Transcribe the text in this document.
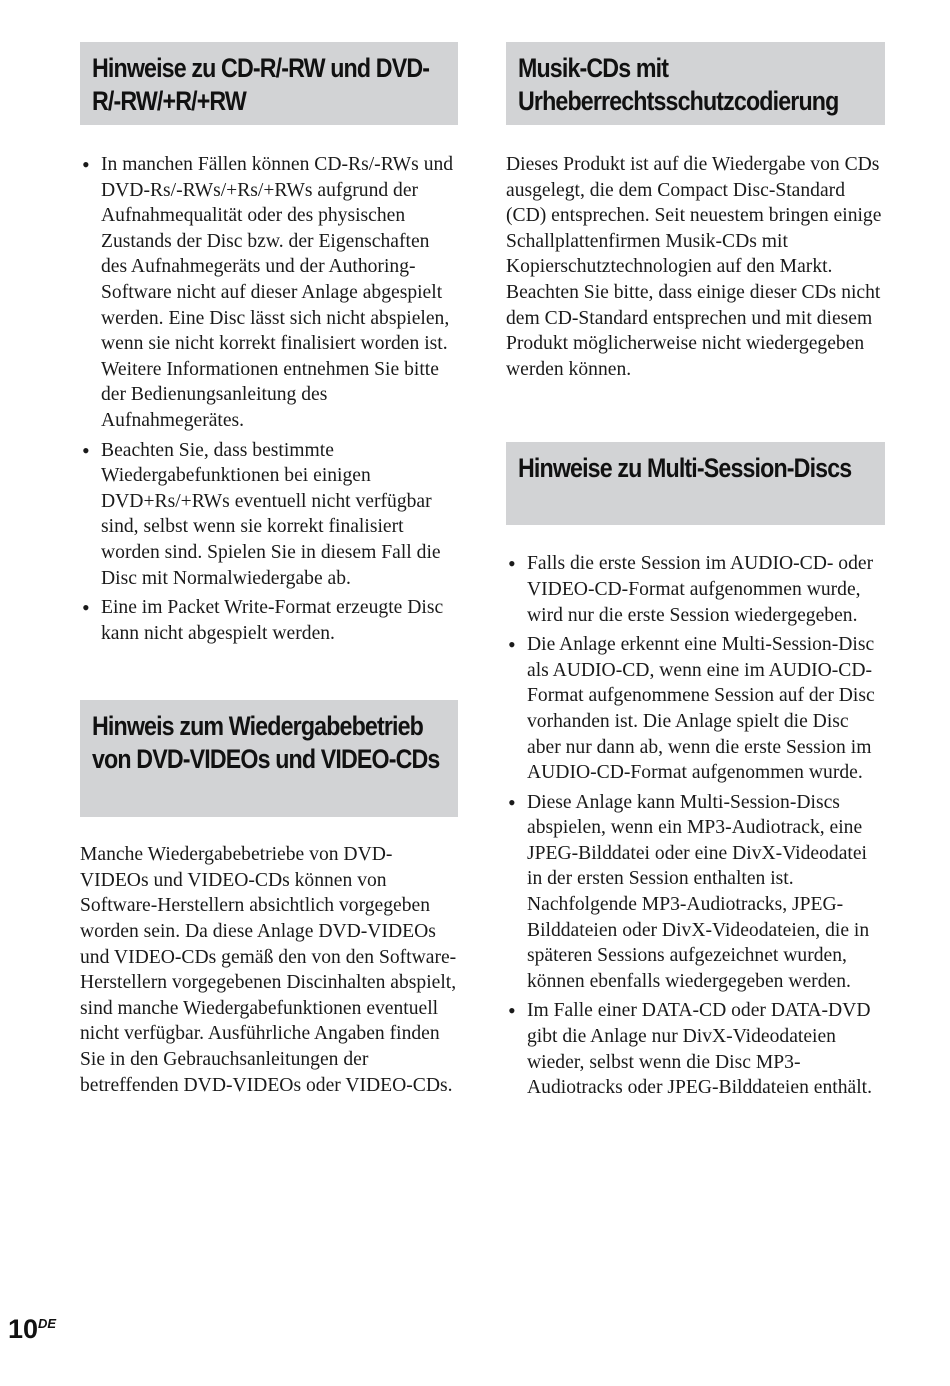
Hinweise zu CD-R/-RW und DVD-R/-RW/+R/+RW
• In manchen Fällen können CD-Rs/-RWs und DVD-Rs/-RWs/+Rs/+RWs aufgrund der Aufnahmequalität oder des physischen Zustands der Disc bzw. der Eigenschaften des Aufnahmegeräts und der Authoring-Software nicht auf dieser Anlage abgespielt werden. Eine Disc lässt sich nicht abspielen, wenn sie nicht korrekt finalisiert worden ist. Weitere Informationen entnehmen Sie bitte der Bedienungsanleitung des Aufnahmegerätes.
• Beachten Sie, dass bestimmte Wiedergabefunktionen bei einigen DVD+Rs/+RWs eventuell nicht verfügbar sind, selbst wenn sie korrekt finalisiert worden sind. Spielen Sie in diesem Fall die Disc mit Normalwiedergabe ab.
• Eine im Packet Write-Format erzeugte Disc kann nicht abgespielt werden.
Hinweis zum Wiedergabebetrieb von DVD-VIDEOs und VIDEO-CDs

Manche Wiedergabebetriebe von DVD-VIDEOs und VIDEO-CDs können von Software-Herstellern absichtlich vorgegeben worden sein. Da diese Anlage DVD-VIDEOs und VIDEO-CDs gemäß den von den Software-Herstellern vorgegebenen Discinhalten abspielt, sind manche Wiedergabefunktionen eventuell nicht verfügbar. Ausführliche Angaben finden Sie in den Gebrauchsanleitungen der betreffenden DVD-VIDEOs oder VIDEO-CDs.

Musik-CDs mit Urheberrechtsschutzcodierung

Dieses Produkt ist auf die Wiedergabe von CDs ausgelegt, die dem Compact Disc-Standard (CD) entsprechen. Seit neuestem bringen einige Schallplattenfirmen Musik-CDs mit Kopierschutztechnologien auf den Markt. Beachten Sie bitte, dass einige dieser CDs nicht dem CD-Standard entsprechen und mit diesem Produkt möglicherweise nicht wiedergegeben werden können.

Hinweise zu Multi-Session-Discs
• Falls die erste Session im AUDIO-CD- oder VIDEO-CD-Format aufgenommen wurde, wird nur die erste Session wiedergegeben.
• Die Anlage erkennt eine Multi-Session-Disc als AUDIO-CD, wenn eine im AUDIO-CD-Format aufgenommene Session auf der Disc vorhanden ist. Die Anlage spielt die Disc aber nur dann ab, wenn die erste Session im AUDIO-CD-Format aufgenommen wurde.
• Diese Anlage kann Multi-Session-Discs abspielen, wenn ein MP3-Audiotrack, eine JPEG-Bilddatei oder eine DivX-Videodatei in der ersten Session enthalten ist. Nachfolgende MP3-Audiotracks, JPEG-Bilddateien oder DivX-Videodateien, die in späteren Sessions aufgezeichnet wurden, können ebenfalls wiedergegeben werden.
• Im Falle einer DATA-CD oder DATA-DVD gibt die Anlage nur DivX-Videodateien wieder, selbst wenn die Disc MP3-Audiotracks oder JPEG-Bilddateien enthält.
10DE
